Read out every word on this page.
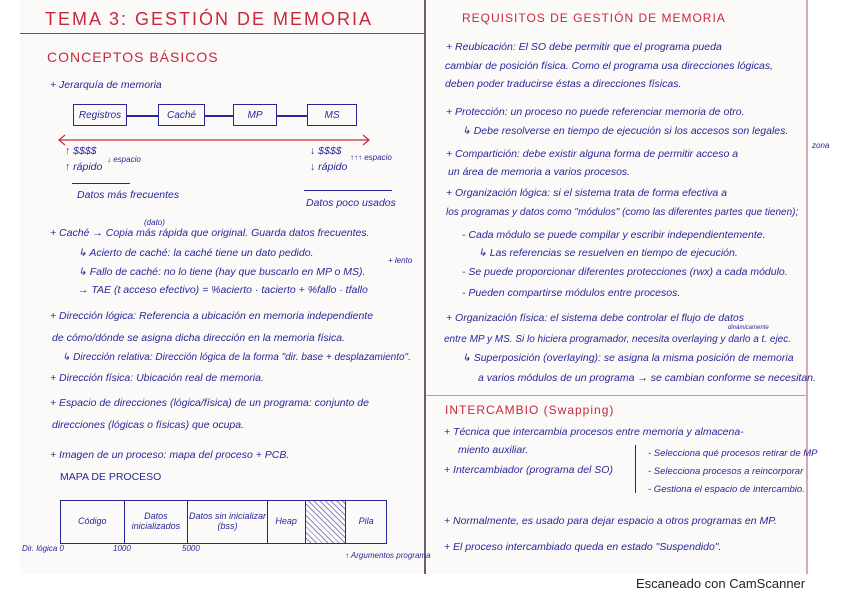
TEMA 3: GESTIÓN DE MEMORIA
CONCEPTOS BÁSICOS
+ Jerarquía de memoria
Registros	Caché	MP	MS
↑ $$$$
↑ rápido
↓ espacio
Datos más frecuentes
↓ $$$$
↓ rápido
↑↑↑ espacio
Datos poco usados
(dato)
+ Caché → Copia más rápida que original. Guarda datos frecuentes.
↳ Acierto de caché: la caché tiene un dato pedido.
+ lento
↳ Fallo de caché: no lo tiene (hay que buscarlo en MP o MS).
→ TAE (t acceso efectivo) = %acierto · tacierto + %fallo · tfallo
+ Dirección lógica: Referencia a ubicación en memoria independiente
de cómo/dónde se asigna dicha dirección en la memoria física.
↳ Dirección relativa: Dirección lógica de la forma "dir. base + desplazamiento".
+ Dirección física: Ubicación real de memoria.
+ Espacio de direcciones (lógica/física) de un programa: conjunto de
direcciones (lógicas o físicas) que ocupa.
+ Imagen de un proceso: mapa del proceso + PCB.
MAPA DE PROCESO
Código	Datos inicializados
Datos sin inicializar (bss)	Heap	Pila
Dir. lógica 0	1000	5000
↑ Argumentos programa
REQUISITOS DE GESTIÓN DE MEMORIA
+ Reubicación: El SO debe permitir que el programa pueda
cambiar de posición física. Como el programa usa direcciones lógicas,
deben poder traducirse éstas a direcciones físicas.
+ Protección: un proceso no puede referenciar memoria de otro.
↳ Debe resolverse en tiempo de ejecución si los accesos son legales.
zona
+ Compartición: debe existir alguna forma de permitir acceso a
un área de memoria a varios procesos.
+ Organización lógica: si el sistema trata de forma efectiva a
los programas y datos como "módulos" (como las diferentes partes que tienen);
- Cada módulo se puede compilar y escribir independientemente.
↳ Las referencias se resuelven en tiempo de ejecución.
- Se puede proporcionar diferentes protecciones (rwx) a cada módulo.
- Pueden compartirse módulos entre procesos.
+ Organización física: el sistema debe controlar el flujo de datos
dinámicamente
entre MP y MS. Si lo hiciera programador, necesita overlaying y darlo a t. ejec.
↳ Superposición (overlaying): se asigna la misma posición de memoria
a varios módulos de un programa → se cambian conforme se necesitan.
INTERCAMBIO (Swapping)
+ Técnica que intercambia procesos entre memoria y almacena-
miento auxiliar.
+ Intercambiador (programa del SO)
- Selecciona qué procesos retirar de MP
- Selecciona procesos a reincorporar
- Gestiona el espacio de intercambio.
+ Normalmente, es usado para dejar espacio a otros programas en MP.
+ El proceso intercambiado queda en estado "Suspendido".
Escaneado con CamScanner
